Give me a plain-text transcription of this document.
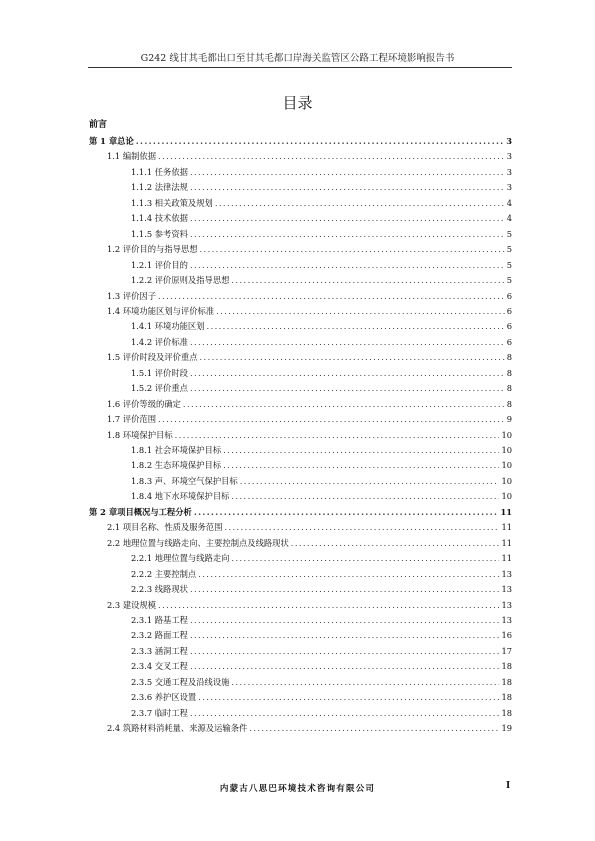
G242 线甘其毛都出口至甘其毛都口岸海关监管区公路工程环境影响报告书
目录
前言
第 1 章总论 .....	3
1.1 编制依据 .....	3
1.1.1 任务依据 .....	3
1.1.2 法律法规 .....	3
1.1.3 相关政策及规划 .....	4
1.1.4 技术依据 .....	4
1.1.5 参考资料 .....	5
1.2 评价目的与指导思想 .....	5
1.2.1 评价目的 .....	5
1.2.2 评价原则及指导思想 .....	5
1.3 评价因子 .....	6
1.4 环境功能区划与评价标准 .....	6
1.4.1 环境功能区划 .....	6
1.4.2 评价标准 .....	6
1.5 评价时段及评价重点 .....	8
1.5.1 评价时段 .....	8
1.5.2 评价重点 .....	8
1.6 评价等级的确定 .....	8
1.7 评价范围 .....	9
1.8 环境保护目标 .....	10
1.8.1 社会环境保护目标 .....	10
1.8.2 生态环境保护目标 .....	10
1.8.3 声、环境空气保护目标 .....	10
1.8.4 地下水环境保护目标 .....	10
第 2 章项目概况与工程分析 .....	11
2.1 项目名称、性质及服务范围 .....	11
2.2 地理位置与线路走向、主要控制点及线路现状 .....	11
2.2.1 地理位置与线路走向 .....	11
2.2.2 主要控制点 .....	13
2.2.3 线路现状 .....	13
2.3 建设规模 .....	13
2.3.1 路基工程 .....	13
2.3.2 路面工程 .....	16
2.3.3 涵洞工程 .....	17
2.3.4 交叉工程 .....	18
2.3.5 交通工程及沿线设施 .....	18
2.3.6 养护区设置 .....	18
2.3.7 临时工程 .....	18
2.4 筑路材料消耗量、来源及运输条件 .....	19
内蒙古八思巴环境技术咨询有限公司	I
